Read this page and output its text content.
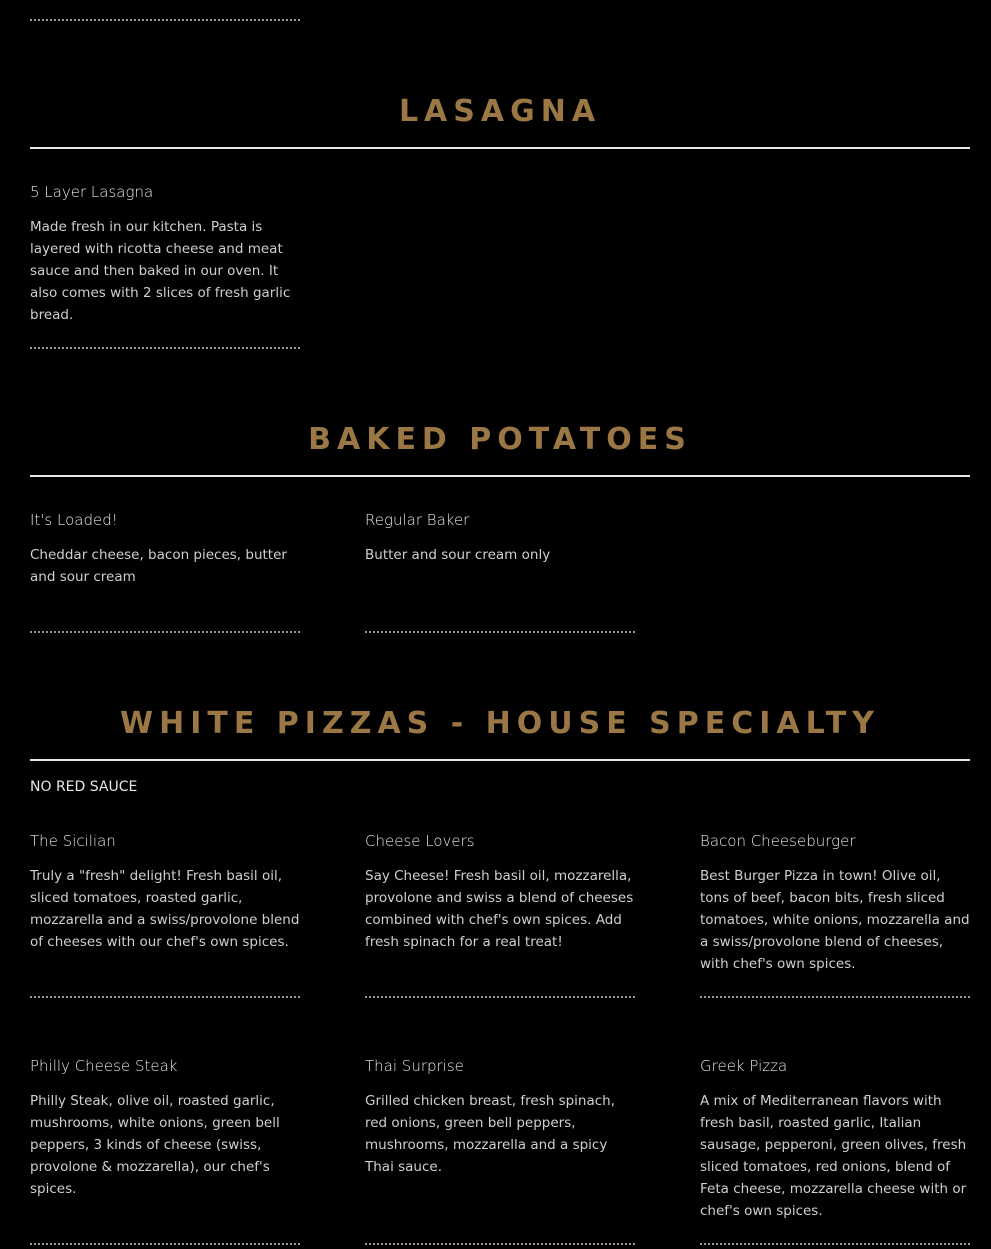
LASAGNA

5 Layer Lasagna

Made fresh in our kitchen. Pasta is layered with ricotta cheese and meat sauce and then baked in our oven. It also comes with 2 slices of fresh garlic bread.

BAKED POTATOES

It's Loaded!

Cheddar cheese, bacon pieces, butter and sour cream

Regular Baker

Butter and sour cream only

WHITE PIZZAS - HOUSE SPECIALTY

NO RED SAUCE

The Sicilian

Truly a "fresh" delight! Fresh basil oil, sliced tomatoes, roasted garlic, mozzarella and a swiss/provolone blend of cheeses with our chef's own spices.

Cheese Lovers

Say Cheese! Fresh basil oil, mozzarella, provolone and swiss a blend of cheeses combined with chef's own spices. Add fresh spinach for a real treat!

Bacon Cheeseburger

Best Burger Pizza in town! Olive oil, tons of beef, bacon bits, fresh sliced tomatoes, white onions, mozzarella and a swiss/provolone blend of cheeses, with chef's own spices.

Philly Cheese Steak

Philly Steak, olive oil, roasted garlic, mushrooms, white onions, green bell peppers, 3 kinds of cheese (swiss, provolone & mozzarella), our chef's spices.

Thai Surprise

Grilled chicken breast, fresh spinach, red onions, green bell peppers, mushrooms, mozzarella and a spicy Thai sauce.

Greek Pizza

A mix of Mediterranean flavors with fresh basil, roasted garlic, Italian sausage, pepperoni, green olives, fresh sliced tomatoes, red onions, blend of Feta cheese, mozzarella cheese with or chef's own spices.
